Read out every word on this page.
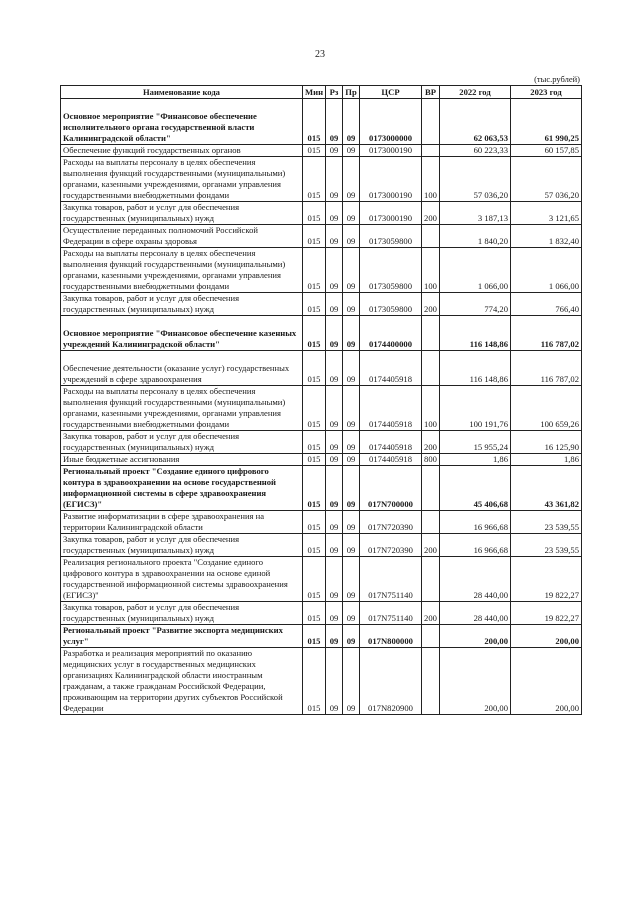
23
(тыс.рублей)
Наименование кода	Мин	Рз	Пр	ЦСР	ВР	2022 год	2023 год
Основное мероприятие "Финансовое обеспечение исполнительного органа государственной власти Калининградской области"	015	09	09	0173000000		62 063,53	61 990,25
Обеспечение функций государственных органов	015	09	09	0173000190		60 223,33	60 157,85
Расходы на выплаты персоналу в целях обеспечения выполнения функций государственными (муниципальными) органами, казенными учреждениями, органами управления государственными внебюджетными фондами	015	09	09	0173000190	100	57 036,20	57 036,20
Закупка товаров, работ и услуг для обеспечения государственных (муниципальных) нужд	015	09	09	0173000190	200	3 187,13	3 121,65
Осуществление переданных полномочий Российской Федерации в сфере охраны здоровья	015	09	09	0173059800		1 840,20	1 832,40
Расходы на выплаты персоналу в целях обеспечения выполнения функций государственными (муниципальными) органами, казенными учреждениями, органами управления государственными внебюджетными фондами	015	09	09	0173059800	100	1 066,00	1 066,00
Закупка товаров, работ и услуг для обеспечения государственных (муниципальных) нужд	015	09	09	0173059800	200	774,20	766,40
Основное мероприятие "Финансовое обеспечение казенных учреждений Калининградской области"	015	09	09	0174400000		116 148,86	116 787,02
Обеспечение деятельности (оказание услуг) государственных учреждений в сфере здравоохранения	015	09	09	0174405918		116 148,86	116 787,02
Расходы на выплаты персоналу в целях обеспечения выполнения функций государственными (муниципальными) органами, казенными учреждениями, органами управления государственными внебюджетными фондами	015	09	09	0174405918	100	100 191,76	100 659,26
Закупка товаров, работ и услуг для обеспечения государственных (муниципальных) нужд	015	09	09	0174405918	200	15 955,24	16 125,90
Иные бюджетные ассигнования	015	09	09	0174405918	800	1,86	1,86
Региональный проект "Создание единого цифрового контура в здравоохранении на основе государственной информационной системы в сфере здравоохранения (ЕГИСЗ)"	015	09	09	017N700000		45 406,68	43 361,82
Развитие информатизации в сфере здравоохранения на территории Калининградской области	015	09	09	017N720390		16 966,68	23 539,55
Закупка товаров, работ и услуг для обеспечения государственных (муниципальных) нужд	015	09	09	017N720390	200	16 966,68	23 539,55
Реализация регионального проекта "Создание единого цифрового контура в здравоохранении на основе единой государственной информационной системы здравоохранения (ЕГИСЗ)"	015	09	09	017N751140		28 440,00	19 822,27
Закупка товаров, работ и услуг для обеспечения государственных (муниципальных) нужд	015	09	09	017N751140	200	28 440,00	19 822,27
Региональный проект "Развитие экспорта медицинских услуг"	015	09	09	017N800000		200,00	200,00
Разработка и реализация мероприятий по оказанию медицинских услуг в государственных медицинских организациях Калининградской области иностранным гражданам, а также гражданам Российской Федерации, проживающим на территории других субъектов Российской Федерации	015	09	09	017N820900		200,00	200,00
